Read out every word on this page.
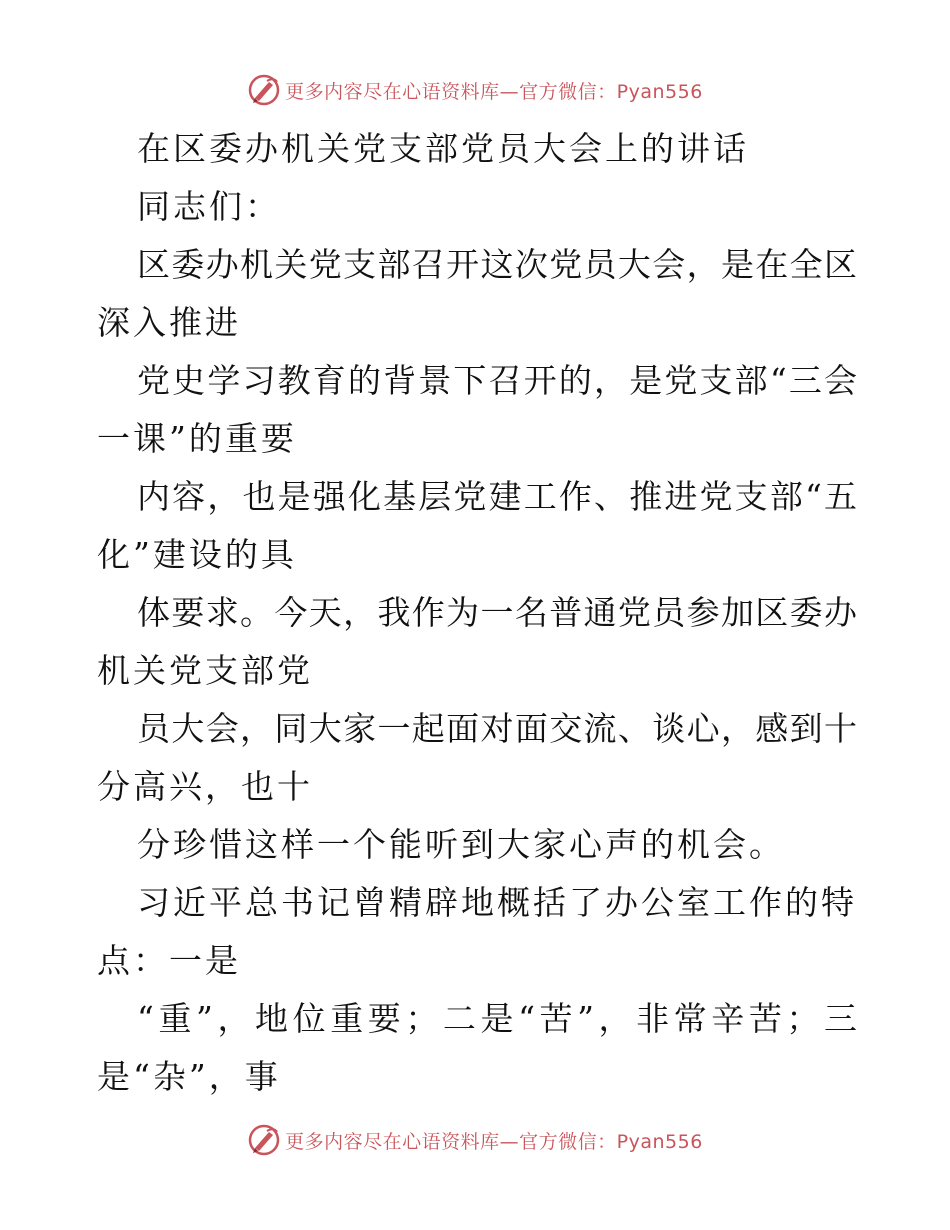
更多内容尽在心语资料库—官方微信：Pyan556
在区委办机关党支部党员大会上的讲话
同志们：
区委办机关党支部召开这次党员大会，是在全区
深入推进
党史学习教育的背景下召开的，是党支部“三会
一课”的重要
内容，也是强化基层党建工作、推进党支部“五
化”建设的具
体要求。今天，我作为一名普通党员参加区委办
机关党支部党
员大会，同大家一起面对面交流、谈心，感到十
分高兴，也十
分珍惜这样一个能听到大家心声的机会。
习近平总书记曾精辟地概括了办公室工作的特
点：一是
“重”，地位重要；二是“苦”，非常辛苦；三
是“杂”，事
更多内容尽在心语资料库—官方微信：Pyan556
